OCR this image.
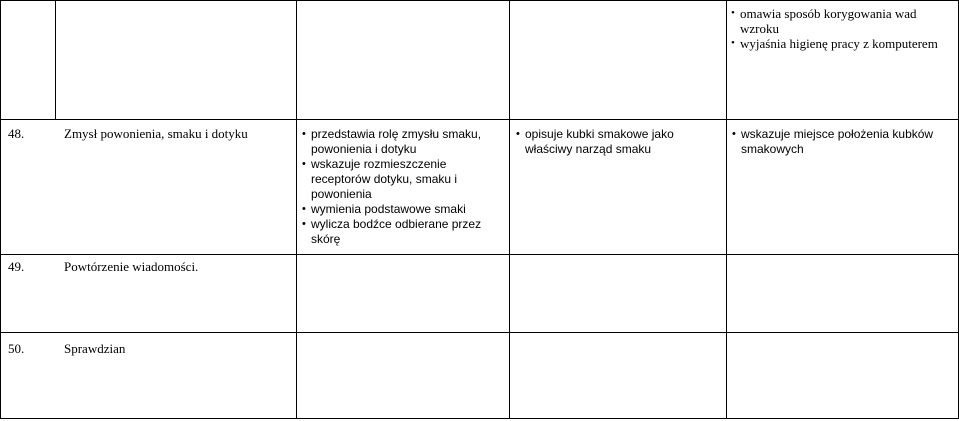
• omawia sposób korygowania wad wzroku
• wyjaśnia higienę pracy z komputerem
48.	Zmysł powonienia, smaku i dotyku
•	przedstawia rolę zmysłu smaku, powonienia i dotyku
• wskazuje rozmieszczenie receptorów dotyku, smaku i powonienia
• wymienia podstawowe smaki
• wylicza bodźce odbierane przez skórę
• opisuje kubki smakowe jako właściwy narząd smaku
• wskazuje miejsce położenia kubków smakowych
49.	Powtórzenie wiadomości.
50.	Sprawdzian
